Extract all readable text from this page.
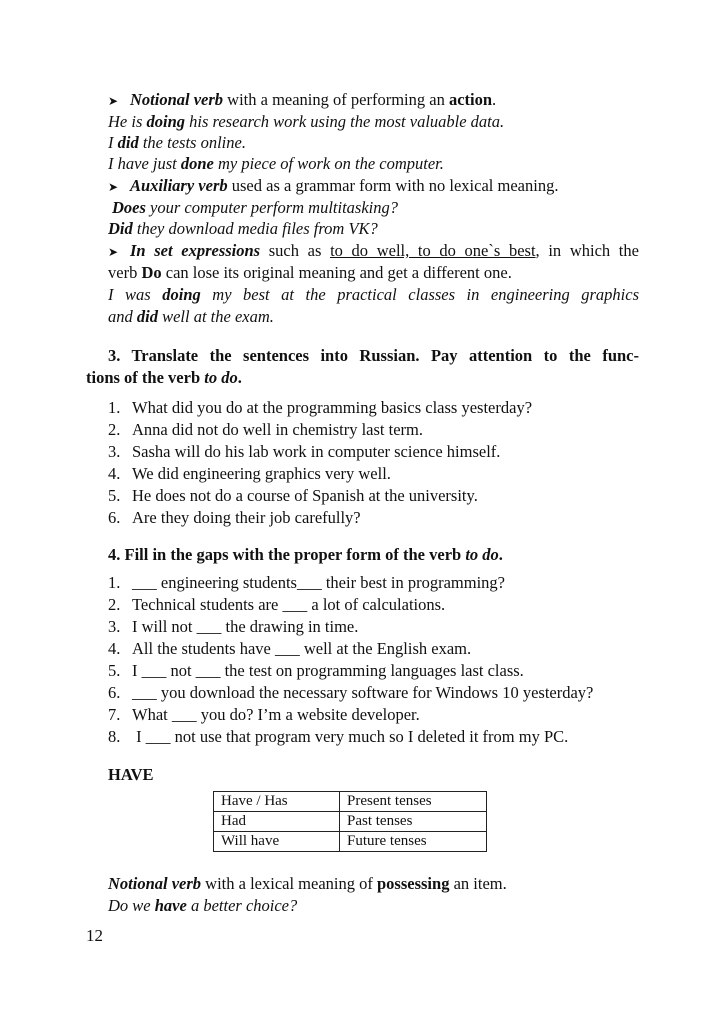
➤ Notional verb with a meaning of performing an action.
He is doing his research work using the most valuable data.
I did the tests online.
I have just done my piece of work on the computer.
➤ Auxiliary verb used as a grammar form with no lexical meaning.
Does your computer perform multitasking?
Did they download media files from VK?
➤ In set expressions such as to do well, to do one`s best, in which the
verb Do can lose its original meaning and get a different one.
I was doing my best at the practical classes in engineering graphics
and did well at the exam.
3. Translate the sentences into Russian. Pay attention to the func-
tions of the verb to do.
1. What did you do at the programming basics class yesterday?
2. Anna did not do well in chemistry last term.
3. Sasha will do his lab work in computer science himself.
4. We did engineering graphics very well.
5. He does not do a course of Spanish at the university.
6. Are they doing their job carefully?
4. Fill in the gaps with the proper form of the verb to do.
1. ___ engineering students___ their best in programming?
2. Technical students are ___ a lot of calculations.
3. I will not ___ the drawing in time.
4. All the students have ___ well at the English exam.
5. I ___ not ___ the test on programming languages last class.
6. ___ you download the necessary software for Windows 10 yesterday?
7. What ___ you do? I’m a website developer.
8. I ___ not use that program very much so I deleted it from my PC.
HAVE
Have / Has	Present tenses
Had	Past tenses
Will have	Future tenses
Notional verb with a lexical meaning of possessing an item.
Do we have a better choice?
12
